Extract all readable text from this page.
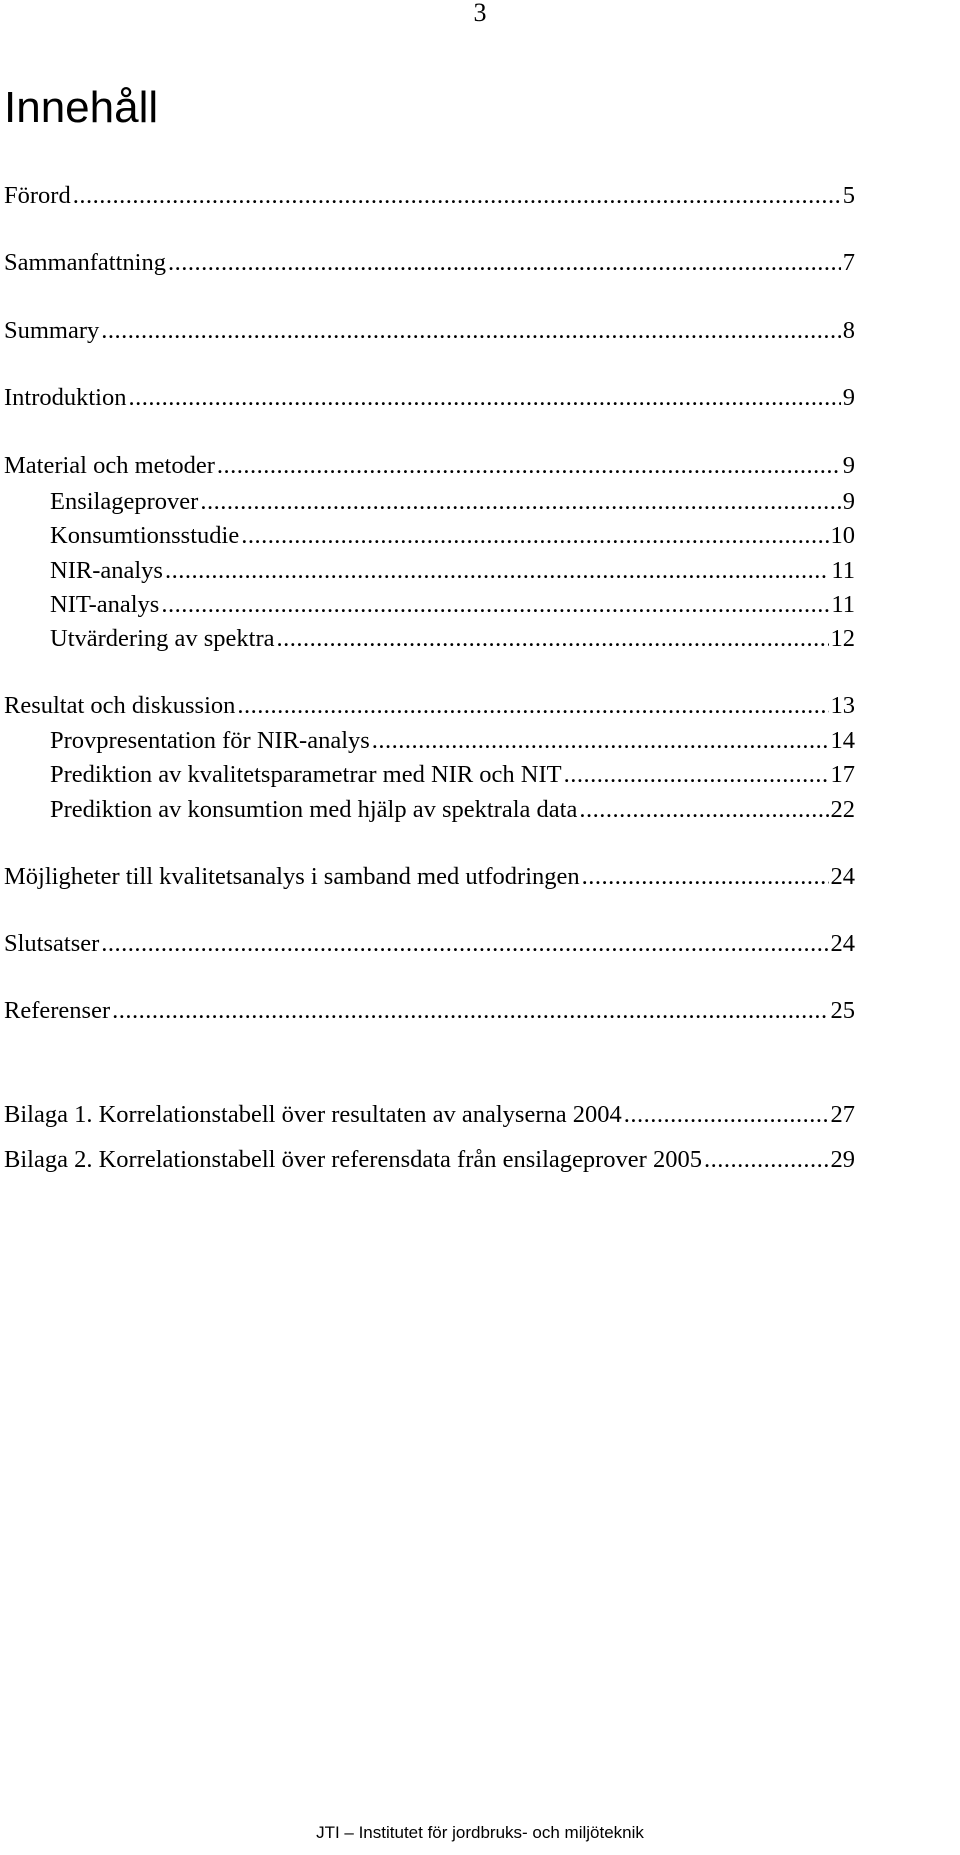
3
Innehåll
Förord .....	5
Sammanfattning .....	7
Summary .....	8
Introduktion .....	9
Material och metoder .....	9
Ensilageprover .....	9
Konsumtionsstudie .....	10
NIR-analys .....	11
NIT-analys .....	11
Utvärdering av spektra .....	12
Resultat och diskussion .....	13
Provpresentation för NIR-analys .....	14
Prediktion av kvalitetsparametrar med NIR och NIT .....	17
Prediktion av konsumtion med hjälp av spektrala data .....	22
Möjligheter till kvalitetsanalys i samband med utfodringen .....	24
Slutsatser .....	24
Referenser .....	25
Bilaga 1. Korrelationstabell över resultaten av analyserna 2004 .....	27
Bilaga 2. Korrelationstabell över referensdata från ensilageprover 2005 .....	29
JTI – Institutet för jordbruks- och miljöteknik
